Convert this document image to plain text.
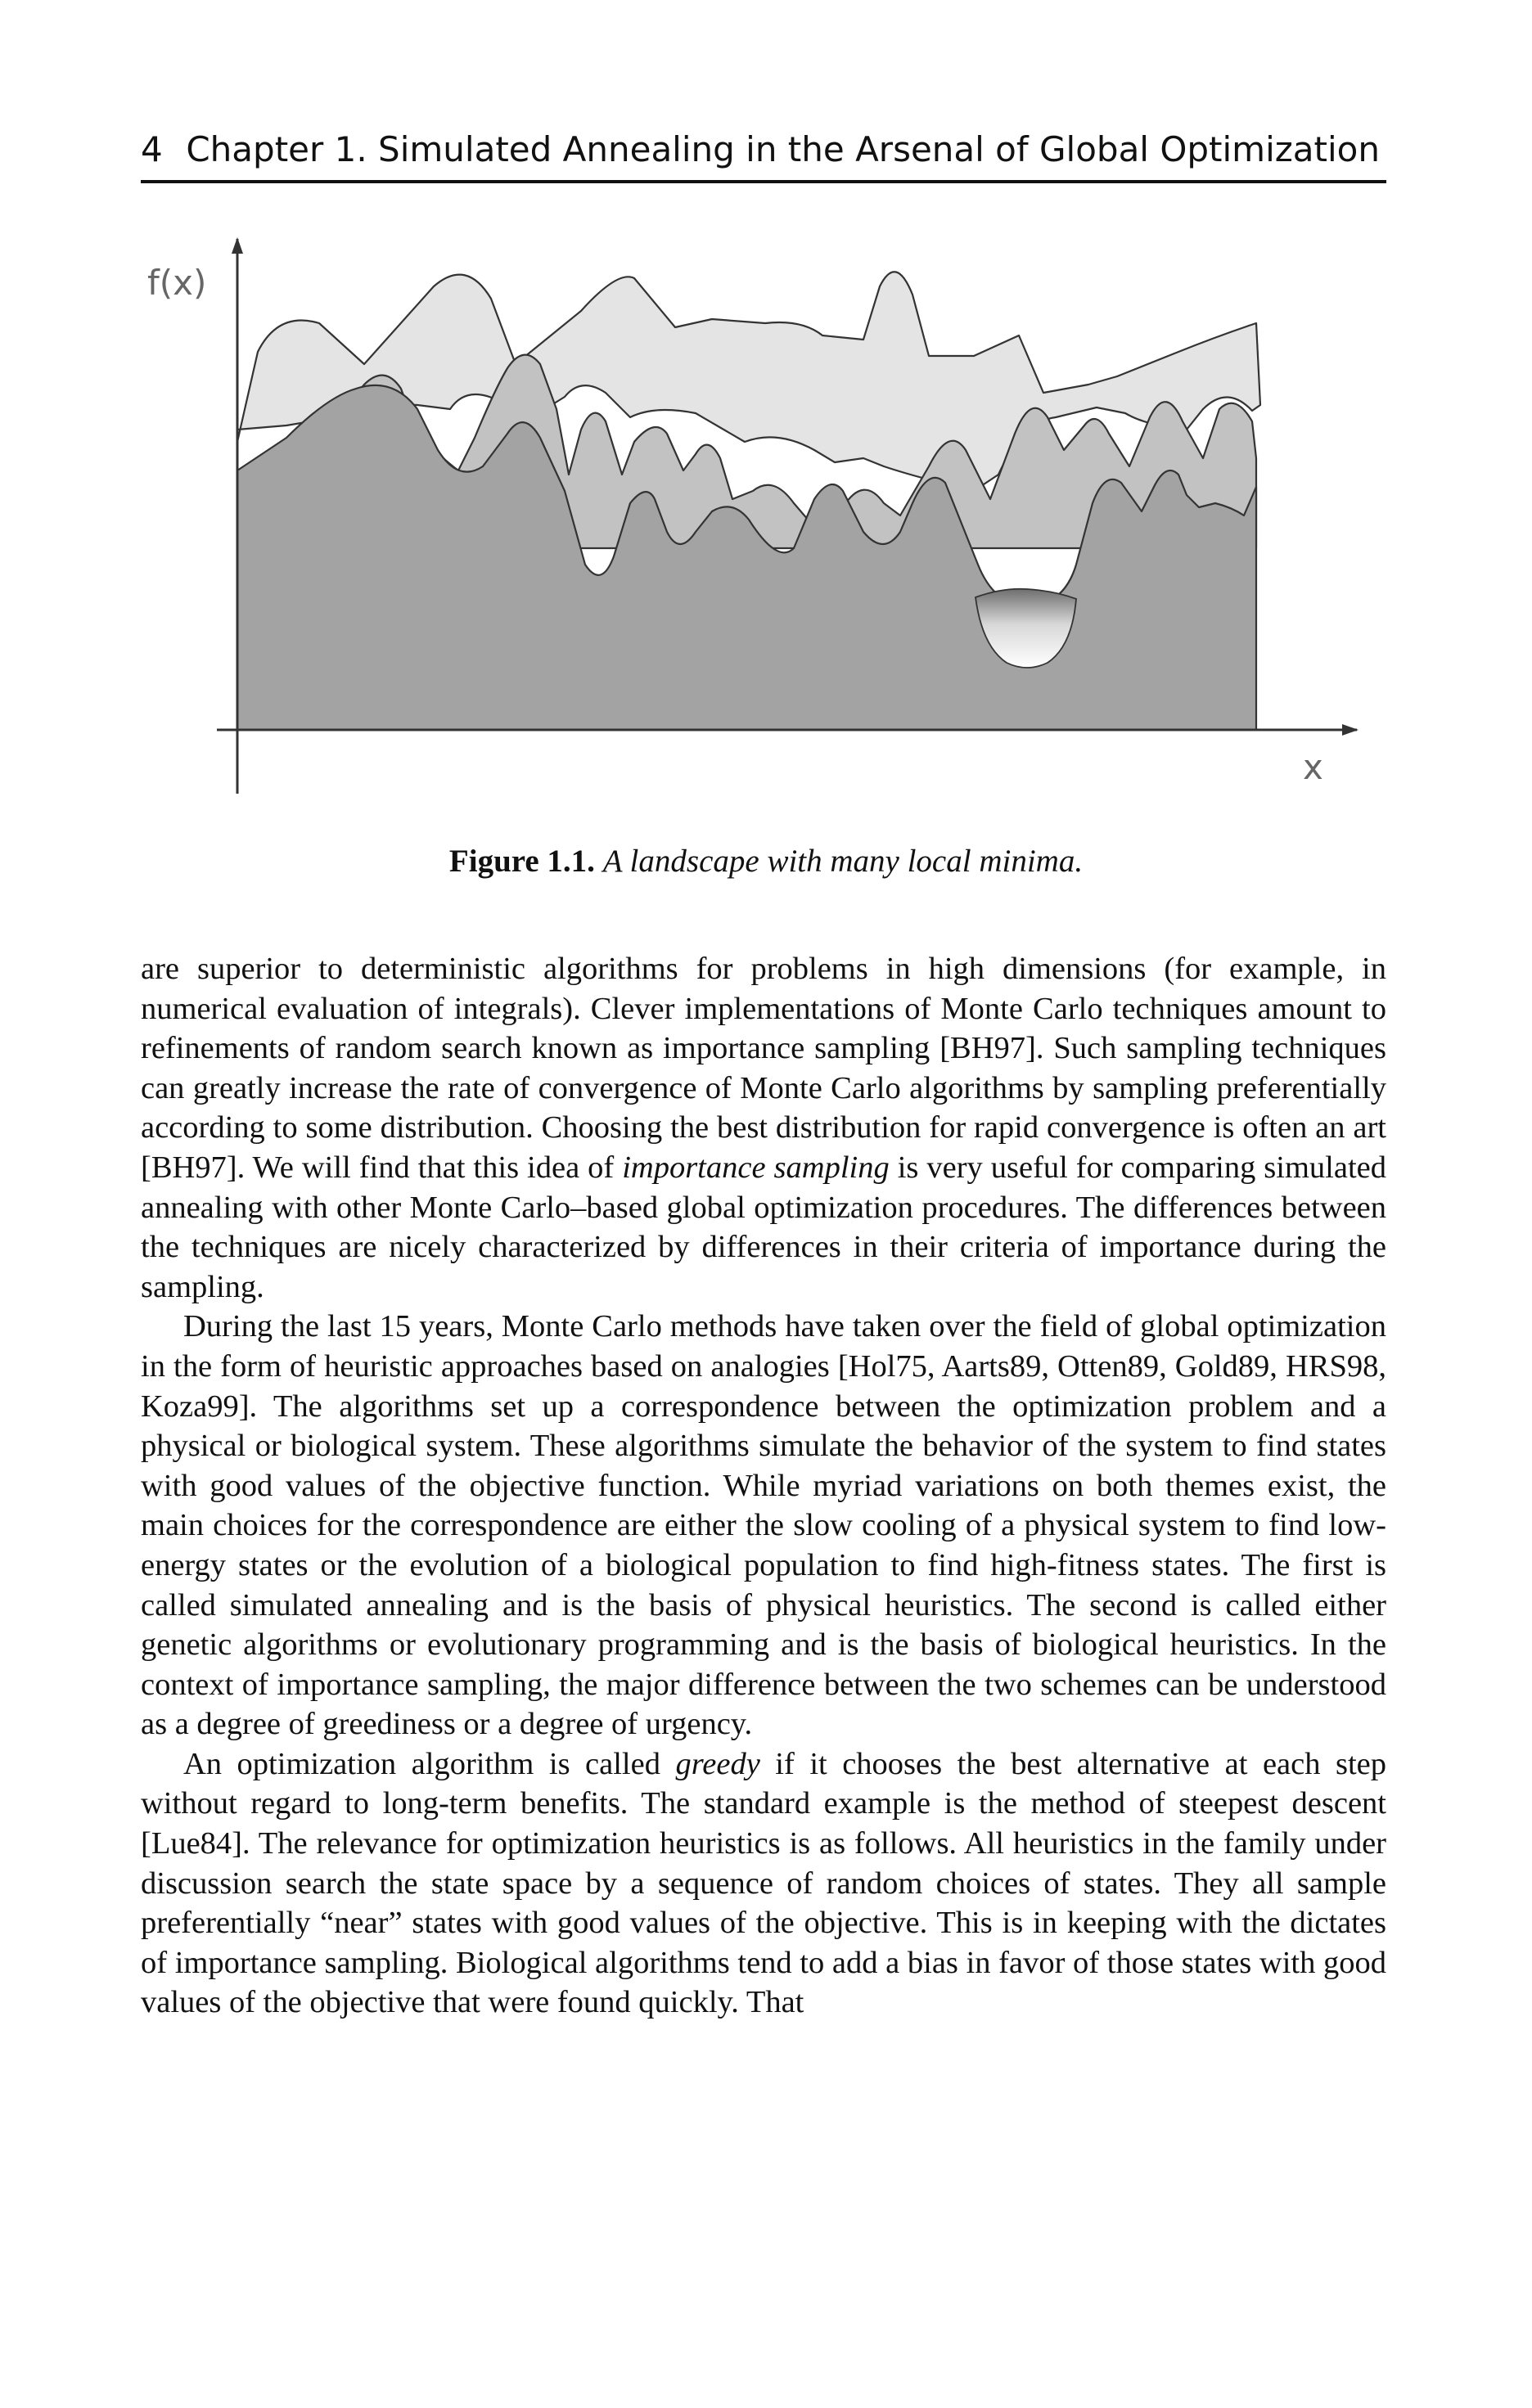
4 Chapter 1. Simulated Annealing in the Arsenal of Global Optimization
f(x)
x
Figure 1.1. A landscape with many local minima.

are superior to deterministic algorithms for problems in high dimensions (for example, in numerical evaluation of integrals). Clever implementations of Monte Carlo techniques amount to refinements of random search known as importance sampling [BH97]. Such sampling techniques can greatly increase the rate of convergence of Monte Carlo algorithms by sampling preferentially according to some distribution. Choosing the best distribution for rapid convergence is often an art [BH97]. We will find that this idea of importance sampling is very useful for comparing simulated annealing with other Monte Carlo–based global optimization procedures. The differences between the techniques are nicely characterized by differences in their criteria of importance during the sampling.

During the last 15 years, Monte Carlo methods have taken over the field of global optimization in the form of heuristic approaches based on analogies [Hol75, Aarts89, Otten89, Gold89, HRS98, Koza99]. The algorithms set up a correspondence between the optimization problem and a physical or biological system. These algorithms simulate the behavior of the system to find states with good values of the objective function. While myriad variations on both themes exist, the main choices for the correspondence are either the slow cooling of a physical system to find low-energy states or the evolution of a biological population to find high-fitness states. The first is called simulated annealing and is the basis of physical heuristics. The second is called either genetic algorithms or evolutionary programming and is the basis of biological heuristics. In the context of importance sampling, the major difference between the two schemes can be understood as a degree of greediness or a degree of urgency.

An optimization algorithm is called greedy if it chooses the best alternative at each step without regard to long-term benefits. The standard example is the method of steepest descent [Lue84]. The relevance for optimization heuristics is as follows. All heuristics in the family under discussion search the state space by a sequence of random choices of states. They all sample preferentially “near” states with good values of the objective. This is in keeping with the dictates of importance sampling. Biological algorithms tend to add a bias in favor of those states with good values of the objective that were found quickly. That
